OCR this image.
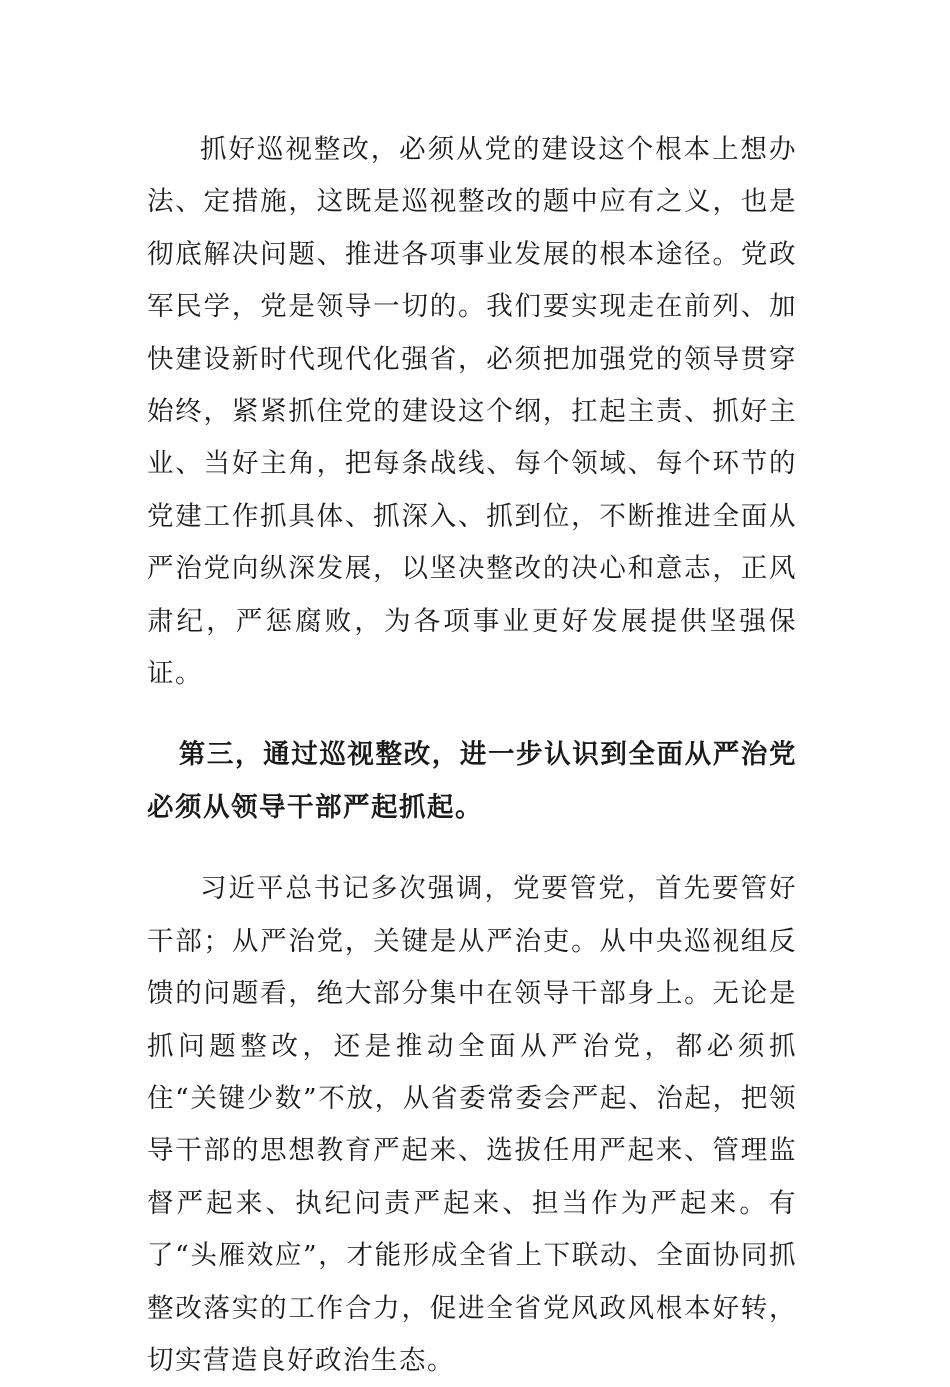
抓好巡视整改，必须从党的建设这个根本上想办法、定措施，这既是巡视整改的题中应有之义，也是彻底解决问题、推进各项事业发展的根本途径。党政军民学，党是领导一切的。我们要实现走在前列、加快建设新时代现代化强省，必须把加强党的领导贯穿始终，紧紧抓住党的建设这个纲，扛起主责、抓好主业、当好主角，把每条战线、每个领域、每个环节的党建工作抓具体、抓深入、抓到位，不断推进全面从严治党向纵深发展，以坚决整改的决心和意志，正风肃纪，严惩腐败，为各项事业更好发展提供坚强保证。

第三，通过巡视整改，进一步认识到全面从严治党必须从领导干部严起抓起。

习近平总书记多次强调，党要管党，首先要管好干部；从严治党，关键是从严治吏。从中央巡视组反馈的问题看，绝大部分集中在领导干部身上。无论是抓问题整改，还是推动全面从严治党，都必须抓住“关键少数”不放，从省委常委会严起、治起，把领导干部的思想教育严起来、选拔任用严起来、管理监督严起来、执纪问责严起来、担当作为严起来。有了“头雁效应”，才能形成全省上下联动、全面协同抓整改落实的工作合力，促进全省党风政风根本好转，切实营造良好政治生态。
